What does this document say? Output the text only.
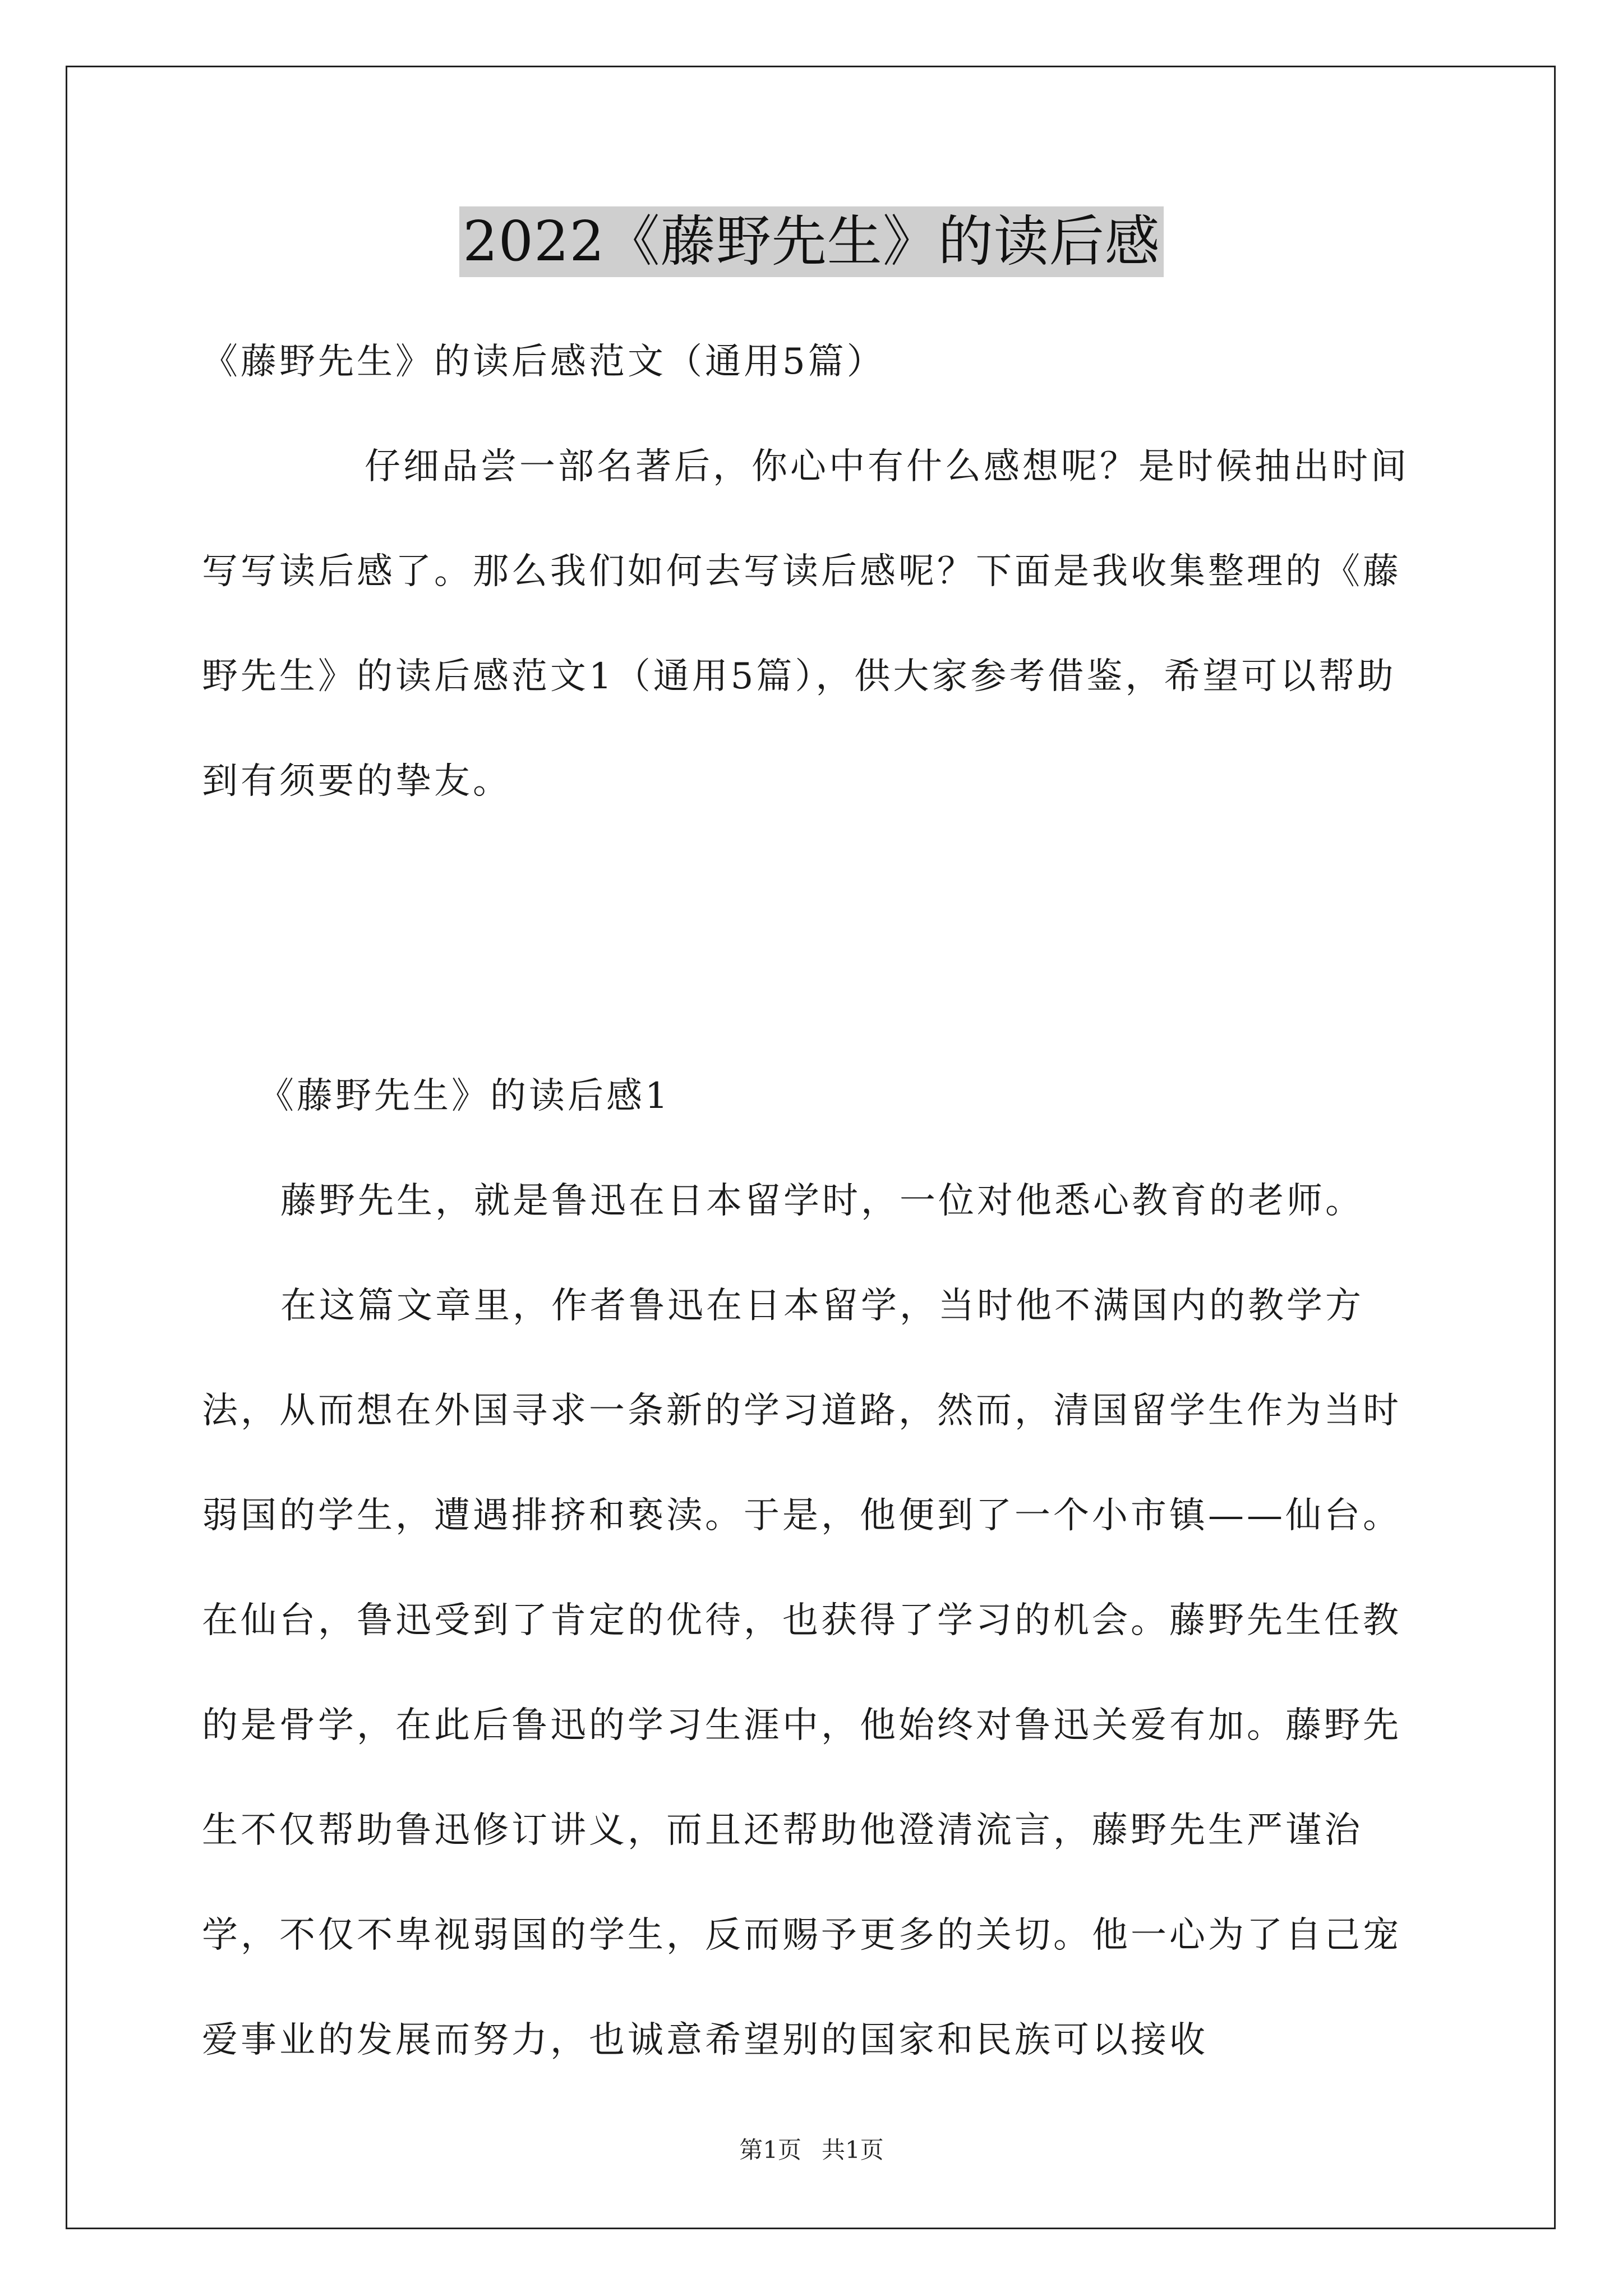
2022《藤野先生》的读后感

《藤野先生》的读后感范文（通用5篇）

仔细品尝一部名著后，你心中有什么感想呢？是时候抽出时间写写读后感了。那么我们如何去写读后感呢？下面是我收集整理的《藤野先生》的读后感范文1（通用5篇），供大家参考借鉴，希望可以帮助到有须要的挚友。

《藤野先生》的读后感1

藤野先生，就是鲁迅在日本留学时，一位对他悉心教育的老师。

在这篇文章里，作者鲁迅在日本留学，当时他不满国内的教学方法，从而想在外国寻求一条新的学习道路，然而，清国留学生作为当时弱国的学生，遭遇排挤和亵渎。于是，他便到了一个小市镇——仙台。在仙台，鲁迅受到了肯定的优待，也获得了学习的机会。藤野先生任教的是骨学，在此后鲁迅的学习生涯中，他始终对鲁迅关爱有加。藤野先生不仅帮助鲁迅修订讲义，而且还帮助他澄清流言，藤野先生严谨治学，不仅不卑视弱国的学生，反而赐予更多的关切。他一心为了自己宠爱事业的发展而努力，也诚意希望别的国家和民族可以接收

第1页 共1页
